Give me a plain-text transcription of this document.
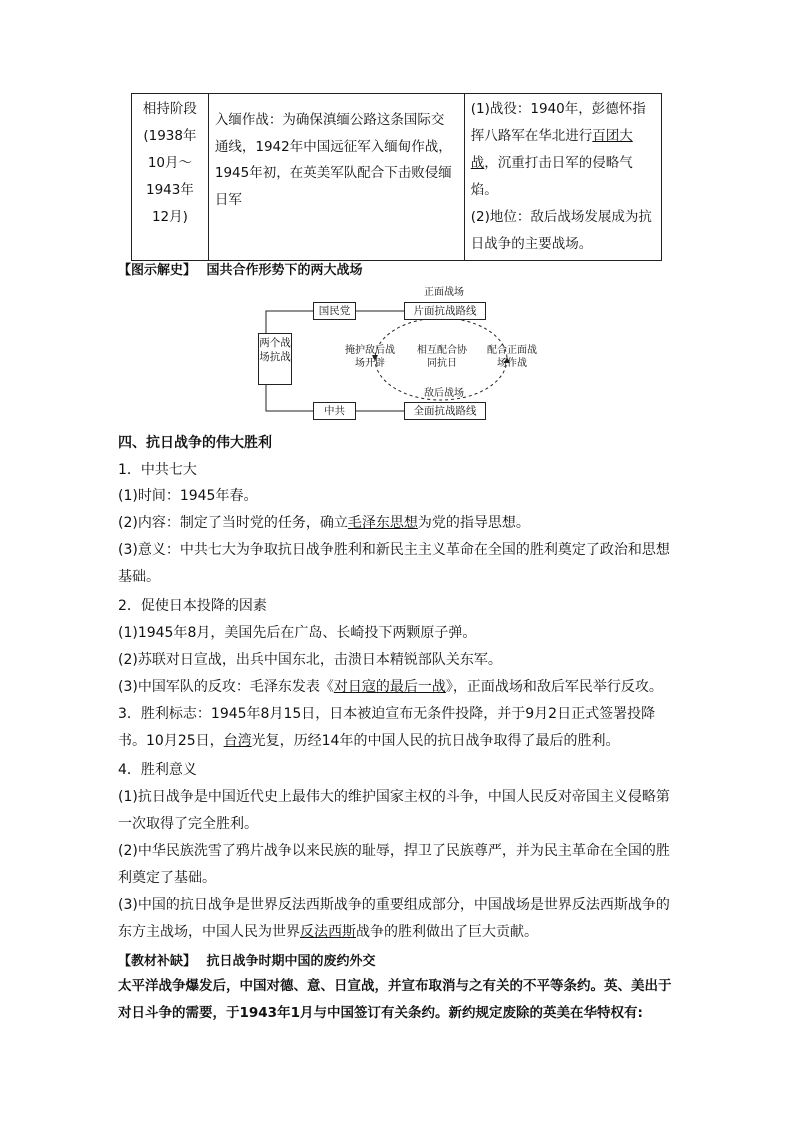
相持阶段
(1938年
10月～
1943年
12月)
	入缅作战：为确保滇缅公路这条国际交通线，1942年中国远征军入缅甸作战，1945年初，在英美军队配合下击败侵缅日军	(1)战役：1940年，彭德怀指挥八路军在华北进行百团大战，沉重打击日军的侵略气焰。
(2)地位：敌后战场发展成为抗日战争的主要战场。
【图示解史】 国共合作形势下的两大战场
正面战场
国民党	片面抗战路线
两个战场抗战
掩护敌后战场开辟
相互配合协同抗日
配合正面战场作战
敌后战场
中共	全面抗战路线
四、抗日战争的伟大胜利
1．中共七大
(1)时间：1945年春。
(2)内容：制定了当时党的任务，确立毛泽东思想为党的指导思想。
(3)意义：中共七大为争取抗日战争胜利和新民主主义革命在全国的胜利奠定了政治和思想基础。
2．促使日本投降的因素
(1)1945年8月，美国先后在广岛、长崎投下两颗原子弹。
(2)苏联对日宣战，出兵中国东北，击溃日本精锐部队关东军。
(3)中国军队的反攻：毛泽东发表《对日寇的最后一战》，正面战场和敌后军民举行反攻。
3．胜利标志：1945年8月15日，日本被迫宣布无条件投降，并于9月2日正式签署投降书。10月25日，台湾光复，历经14年的中国人民的抗日战争取得了最后的胜利。
4．胜利意义
(1)抗日战争是中国近代史上最伟大的维护国家主权的斗争，中国人民反对帝国主义侵略第一次取得了完全胜利。
(2)中华民族洗雪了鸦片战争以来民族的耻辱，捍卫了民族尊严，并为民主革命在全国的胜利奠定了基础。
(3)中国的抗日战争是世界反法西斯战争的重要组成部分，中国战场是世界反法西斯战争的东方主战场，中国人民为世界反法西斯战争的胜利做出了巨大贡献。
【教材补缺】 抗日战争时期中国的废约外交
太平洋战争爆发后，中国对德、意、日宣战，并宣布取消与之有关的不平等条约。英、美出于对日斗争的需要，于1943年1月与中国签订有关条约。新约规定废除的英美在华特权有:
